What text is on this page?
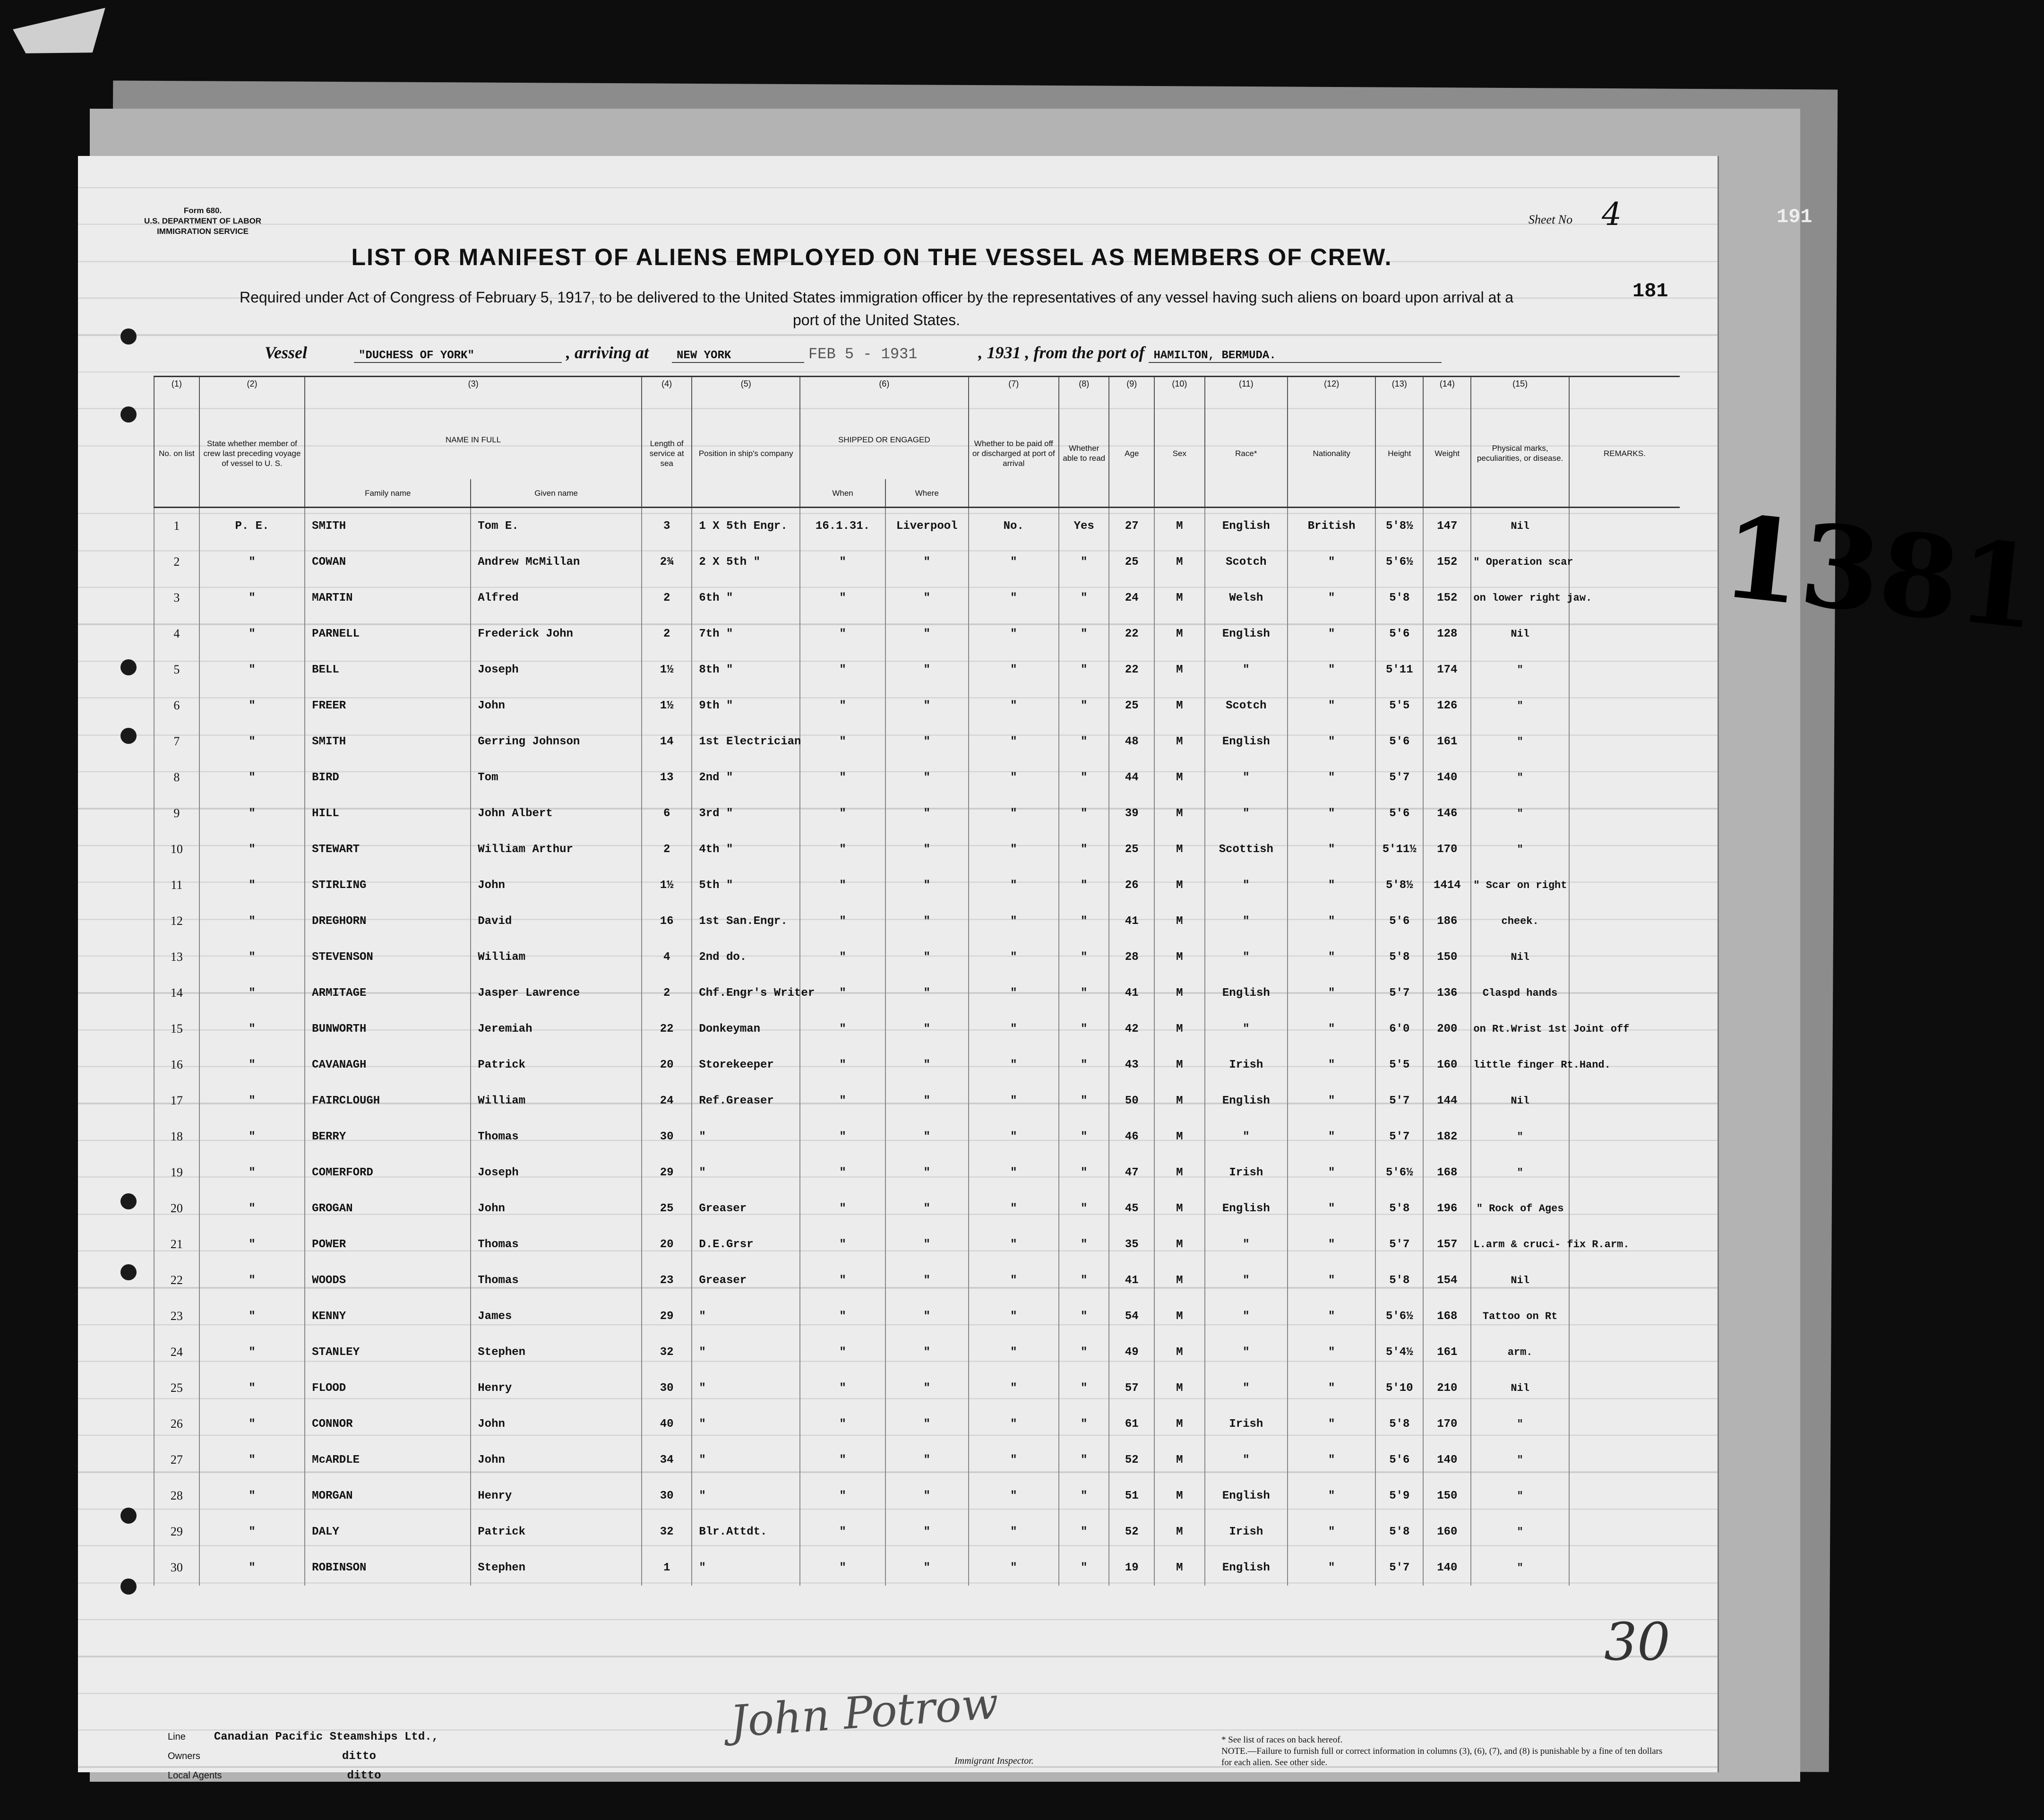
Form 680.
U.S. DEPARTMENT OF LABOR
IMMIGRATION SERVICE
Sheet No 4	191
181
LIST OR MANIFEST OF ALIENS EMPLOYED ON THE VESSEL AS MEMBERS OF CREW.
Required under Act of Congress of February 5, 1917, to be delivered to the United States immigration officer by the representatives of any vessel having such aliens on board upon arrival at a port of the United States.
Vessel	"DUCHESS OF YORK"	, arriving at NEW YORK	FEB 5 - 1931	, 1931 , from the port of HAMILTON, BERMUDA.
(1)	(2)	(3)		(4)	(5)	(6)		(7)	(8)	(9)	(10)	(11)	(12)	(13)	(14)	(15)	
No. on list	State whether member of crew last preceding voyage of vessel to U. S.	NAME IN FULL		Length of service at sea	Position in ship's company	SHIPPED OR ENGAGED		Whether to be paid off or discharged at port of arrival	Whether able to read	Age	Sex	Race*	Nationality	Height	Weight	Physical marks, peculiarities, or disease.	REMARKS.
		Family name	Given name			When	Where										
1	P. E.	SMITH	Tom E.	3	1 X 5th Engr.	16.1.31.	Liverpool	No.	Yes	27	M	English	British	5'8½	147	Nil	
2	"	COWAN	Andrew McMillan	2¾	2 X 5th "	"	"	"	"	25	M	Scotch	"	5'6½	152	" Operation scar	
3	"	MARTIN	Alfred	2	6th "	"	"	"	"	24	M	Welsh	"	5'8	152	on lower right jaw.	
4	"	PARNELL	Frederick John	2	7th "	"	"	"	"	22	M	English	"	5'6	128	Nil	
5	"	BELL	Joseph	1½	8th "	"	"	"	"	22	M	"	"	5'11	174	"	
6	"	FREER	John	1½	9th "	"	"	"	"	25	M	Scotch	"	5'5	126	"	
7	"	SMITH	Gerring Johnson	14	1st Electrician	"	"	"	"	48	M	English	"	5'6	161	"	
8	"	BIRD	Tom	13	2nd "	"	"	"	"	44	M	"	"	5'7	140	"	
9	"	HILL	John Albert	6	3rd "	"	"	"	"	39	M	"	"	5'6	146	"	
10	"	STEWART	William Arthur	2	4th "	"	"	"	"	25	M	Scottish	"	5'11½	170	"	
11	"	STIRLING	John	1½	5th "	"	"	"	"	26	M	"	"	5'8½	1414	" Scar on right	
12	"	DREGHORN	David	16	1st San.Engr.	"	"	"	"	41	M	"	"	5'6	186	cheek.	
13	"	STEVENSON	William	4	2nd do.	"	"	"	"	28	M	"	"	5'8	150	Nil	
14	"	ARMITAGE	Jasper Lawrence	2	Chf.Engr's Writer	"	"	"	"	41	M	English	"	5'7	136	Claspd hands	
15	"	BUNWORTH	Jeremiah	22	Donkeyman	"	"	"	"	42	M	"	"	6'0	200	on Rt.Wrist 1st Joint off	
16	"	CAVANAGH	Patrick	20	Storekeeper	"	"	"	"	43	M	Irish	"	5'5	160	little finger Rt.Hand.	
17	"	FAIRCLOUGH	William	24	Ref.Greaser	"	"	"	"	50	M	English	"	5'7	144	Nil	
18	"	BERRY	Thomas	30	"	"	"	"	"	46	M	"	"	5'7	182	"	
19	"	COMERFORD	Joseph	29	"	"	"	"	"	47	M	Irish	"	5'6½	168	"	
20	"	GROGAN	John	25	Greaser	"	"	"	"	45	M	English	"	5'8	196	" Rock of Ages	
21	"	POWER	Thomas	20	D.E.Grsr	"	"	"	"	35	M	"	"	5'7	157	L.arm & cruci- fix R.arm.	
22	"	WOODS	Thomas	23	Greaser	"	"	"	"	41	M	"	"	5'8	154	Nil	
23	"	KENNY	James	29	"	"	"	"	"	54	M	"	"	5'6½	168	Tattoo on Rt	
24	"	STANLEY	Stephen	32	"	"	"	"	"	49	M	"	"	5'4½	161	arm.	
25	"	FLOOD	Henry	30	"	"	"	"	"	57	M	"	"	5'10	210	Nil	
26	"	CONNOR	John	40	"	"	"	"	"	61	M	Irish	"	5'8	170	"	
27	"	McARDLE	John	34	"	"	"	"	"	52	M	"	"	5'6	140	"	
28	"	MORGAN	Henry	30	"	"	"	"	"	51	M	English	"	5'9	150	"	
29	"	DALY	Patrick	32	Blr.Attdt.	"	"	"	"	52	M	Irish	"	5'8	160	"	
30	"	ROBINSON	Stephen	1	"	"	"	"	"	19	M	English	"	5'7	140	"	
1381
30
Line	Canadian Pacific Steamships Ltd.,
Owners	ditto
Local Agents	ditto
John Potrow
Immigrant Inspector.
* See list of races on back hereof.
NOTE.—Failure to furnish full or correct information in columns (3), (6), (7), and (8) is punishable by a fine of ten dollars for each alien. See other side.
